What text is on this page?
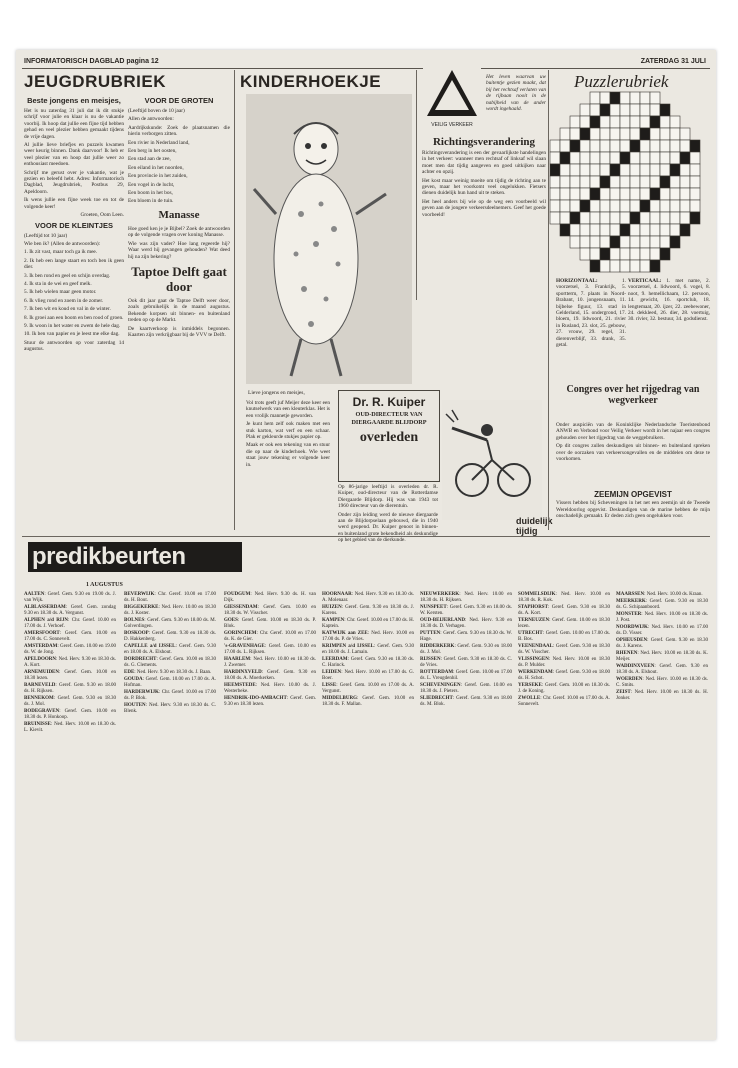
INFORMATORISCH DAGBLAD pagina 12	ZATERDAG 31 JULI
JEUGDRUBRIEK
Beste jongens en meisjes,
Het is nu zaterdag 31 juli dat ik dit stukje schrijf voor julie en klaar is nu de vakantie voorbij. Ik hoop dat jullie een fijne tijd hebben gehad en veel plezier hebben gemaakt tijdens de vrije dagen.
Al jullie lieve briefjes en puzzels kwamen weer keurig binnen. Dank daarvoor! Ik heb er veel plezier van en hoop dat jullie weer zo enthousiast meedoen.
Schrijf me gerust over je vakantie, wat je gezien en beleefd hebt. Adres: Informatorisch Dagblad, Jeugdrubriek, Postbus 29, Apeldoorn.
Ik wens jullie een fijne week toe en tot de volgende keer!
Groeten, Oom Leen.
VOOR DE KLEINTJES
(Leeftijd tot 10 jaar)
Wie ben ik? (Allen de antwoorden):
1. Ik zit vast, maar toch ga ik mee.
2. Ik heb een lange staart en toch ben ik geen dier.
3. Ik ben rond en geel en schijn overdag.
4. Ik sta in de wei en geef melk.
5. Ik heb wielen maar geen motor.
6. Ik vlieg rond en zoem in de zomer.
7. Ik ben wit en koud en val in de winter.
8. Ik groei aan een boom en ben rood of groen.
9. Ik woon in het water en zwem de hele dag.
10. Ik ben van papier en je leest me elke dag.
Stuur de antwoorden op voor zaterdag 14 augustus.
VOOR DE GROTEN
(Leeftijd boven de 10 jaar)
Allen de antwoorden:
Aardrijkskunde: Zoek de plaatsnamen die hierin verborgen zitten.
Een rivier in Nederland land,
Een berg in het oosten,
Een stad aan de zee,
Een eiland in het noorden,
Een provincie in het zuiden,
Een vogel in de lucht,
Een boom in het bos,
Een bloem in de tuin.
Manasse
Hoe goed ken je je Bijbel? Zoek de antwoorden op de volgende vragen over koning Manasse.
Wie was zijn vader? Hoe lang regeerde hij? Waar werd hij gevangen gehouden? Wat deed hij na zijn bekering?
Taptoe Delft gaat door
Ook dit jaar gaat de Taptoe Delft weer door, zoals gebruikelijk in de maand augustus. Bekende korpsen uit binnen- en buitenland treden op op de Markt.
De kaartverkoop is inmiddels begonnen. Kaarten zijn verkrijgbaar bij de VVV te Delft.
KINDERHOEKJE
Lieve jongens en meisjes,
Vol trots geeft juf Meijer deze keer een knutselwerk van een kleuterklas. Het is een vrolijk mannetje geworden.
Je kunt hem zelf ook maken met een stuk karton, wat verf en een schaar. Plak er gekleurde stukjes papier op.
Maak er ook een tekening van en stuur die op naar de kinderhoek. Wie weet staat jouw tekening er volgende keer in.
Dr. R. Kuiper
OUD-DIRECTEUR VAN DIERGAARDE BLIJDORP
overleden
Op 86-jarige leeftijd is overleden dr. R. Kuiper, oud-directeur van de Rotterdamse Diergaarde Blijdorp. Hij was van 1943 tot 1960 directeur van de dierentuin.
Onder zijn leiding werd de nieuwe diergaarde aan de Blijdorpselaan gebouwd, die in 1940 werd geopend. Dr. Kuiper genoot in binnen- en buitenland grote bekendheid als deskundige op het gebied van de dierkunde.
VEILIG VERKEER
Het leven waarvan uw buitentje gezien maakt, dat bij het rechtsaf verlaten van de rijbaan nooit in de nabijheid van de ander wordt ingehaald.
Richtingsverandering
Richtingsverandering is een der gevaarlijkste handelingen in het verkeer: wanneer men rechtsaf of linksaf wil slaan moet men dat tijdig aangeven en goed uitkijken naar achter en opzij.
Het kost maar weinig moeite om tijdig de richting aan te geven, maar het voorkomt veel ongelukken. Fietsers dienen duidelijk hun hand uit te steken.
Het heel anders bij wie op de weg een voorbeeld wil geven aan de jongere verkeersdeelnemers. Geef het goede voorbeeld!
duidelijk tijdig
HORIZONTAAL:	1. voorzetsel, 3. Frankrijk, 5. sportterm, 7. plaats in Noord-Brabant, 10. jongensnaam, 11. bijbelse figuur, 13. stad in Gelderland, 15. ondergrond, 17. bloem, 19. lidwoord, 21. rivier in Rusland, 23. slot, 25. gebouw, 27. vrouw, 29. regel, 31. dierenverblijf, 33. drank, 35. getal.
VERTICAAL: 1. met name, 2. voorzetsel, 4. lidwoord, 6. vogel, 8. noot, 9. hemellichaam, 12. persoon, 14. gewicht, 16. sportclub, 18. lengtemaat, 20. ijzer, 22. zeebewoner, 24. dekkleed, 26. dier, 28. voertuig, 30. rivier, 32. bestuur, 34. godsdienst.
Congres over het rijgedrag van wegverkeer
Onder auspiciën van de Koninklijke Nederlandsche Toeristenbond ANWB en Verbond voor Veilig Verkeer wordt in het najaar een congres gehouden over het rijgedrag van de weggebruikers.
Op dit congres zullen deskundigen uit binnen- en buitenland spreken over de oorzaken van verkeersongevallen en de middelen om deze te voorkomen.
ZEEMIJN OPGEVIST
Vissers hebben bij Scheveningen in het net een zeemijn uit de Tweede Wereldoorlog opgevist. Deskundigen van de marine hebben de mijn onschadelijk gemaakt. Er deden zich geen ongelukken voor.
Puzzlerubriek
predikbeurten
1 AUGUSTUS
AALTEN: Geref. Gem. 9.30 en 19.00 ds. J. van Wijk.
ALBLASSERDAM: Geref. Gem. zondag 9.30 en 18.30 ds. A. Vergunst.
ALPHEN a/d RIJN: Chr. Geref. 10.00 en 17.00 ds. J. Verhoef.
AMERSFOORT: Geref. Gem. 10.00 en 17.00 ds. C. Sonnevelt.
AMSTERDAM: Geref. Gem. 10.00 en 19.00 ds. W. de Jong.
APELDOORN: Ned. Herv. 9.30 en 18.30 ds. A. Kort.
ARNEMUIDEN: Geref. Gem. 10.00 en 18.30 lezen.
BARNEVELD: Geref. Gem. 9.30 en 18.00 ds. H. Rijksen.
BENNEKOM: Geref. Gem. 9.30 en 18.30 ds. J. Mol.
BODEGRAVEN: Geref. Gem. 10.00 en 18.30 ds. P. Honkoop.
BRUINISSE: Ned. Herv. 10.00 en 18.30 ds. L. Kievit.
BEVERWIJK: Chr. Geref. 10.00 en 17.00 ds. H. Bout.
BIGGEKERKE: Ned. Herv. 10.00 en 18.30 ds. J. Koster.
BOLNES: Geref. Gem. 9.30 en 18.00 ds. M. Golverdingen.
BOSKOOP: Geref. Gem. 9.30 en 18.30 ds. D. Hakkenberg.
CAPELLE a/d IJSSEL: Geref. Gem. 9.30 en 18.00 ds. A. Elshout.
DORDRECHT: Geref. Gem. 10.00 en 18.30 ds. G. Clements.
EDE: Ned. Herv. 9.30 en 18.30 ds. J. Baan.
GOUDA: Geref. Gem. 10.00 en 17.00 ds. A. Hofman.
HARDERWIJK: Chr. Geref. 10.00 en 17.00 ds. P. Blok.
HOUTEN: Ned. Herv. 9.30 en 18.30 ds. C. Blenk.
FOUDGUM: Ned. Herv. 9.30 ds. H. van Dijk.
GIESSENDAM: Geref. Gem. 10.00 en 18.30 ds. W. Visscher.
GOES: Geref. Gem. 10.00 en 18.30 ds. P. Blok.
GORINCHEM: Chr. Geref. 10.00 en 17.00 ds. K. de Gier.
's-GRAVENHAGE: Geref. Gem. 10.00 en 17.00 ds. L. Rijksen.
HAARLEM: Ned. Herv. 10.00 en 18.30 ds. J. Zwemer.
HARDINXVELD: Geref. Gem. 9.30 en 18.00 ds. A. Moerkerken.
HEEMSTEDE: Ned. Herv. 10.00 ds. J. Westerbeke.
HENDRIK-IDO-AMBACHT: Geref. Gem. 9.30 en 18.30 lezen.
HOORNAAR: Ned. Herv. 9.30 en 18.30 ds. A. Molenaar.
HUIZEN: Geref. Gem. 9.30 en 18.30 ds. J. Karens.
KAMPEN: Chr. Geref. 10.00 en 17.00 ds. H. Kaptein.
KATWIJK aan ZEE: Ned. Herv. 10.00 en 17.00 ds. P. de Vries.
KRIMPEN a/d IJSSEL: Geref. Gem. 9.30 en 18.00 ds. J. Lamain.
LEERDAM: Geref. Gem. 9.30 en 18.30 ds. C. Harinck.
LEIDEN: Ned. Herv. 10.00 en 17.00 ds. G. Boer.
LISSE: Geref. Gem. 10.00 en 17.00 ds. A. Vergunst.
MIDDELBURG: Geref. Gem. 10.00 en 18.30 ds. F. Mallan.
NIEUWERKERK: Ned. Herv. 10.00 en 18.30 ds. H. Rijksen.
NUNSPEET: Geref. Gem. 9.30 en 18.00 ds. W. Kersten.
OUD-BEIJERLAND: Ned. Herv. 9.30 en 18.30 ds. D. Verhagen.
PUTTEN: Geref. Gem. 9.30 en 18.30 ds. W. Hage.
RIDDERKERK: Geref. Gem. 9.30 en 18.00 ds. J. Mol.
RIJSSEN: Geref. Gem. 9.30 en 18.30 ds. C. de Vries.
ROTTERDAM: Geref. Gem. 10.00 en 17.00 ds. L. Vreugdenhil.
SCHEVENINGEN: Geref. Gem. 10.00 en 18.30 ds. J. Pieters.
SLIEDRECHT: Geref. Gem. 9.30 en 18.00 ds. M. Blok.
SOMMELSDIJK: Ned. Herv. 10.00 en 18.30 ds. R. Kok.
STAPHORST: Geref. Gem. 9.30 en 18.30 ds. A. Kort.
TERNEUZEN: Geref. Gem. 10.00 en 18.30 lezen.
UTRECHT: Geref. Gem. 10.00 en 17.00 ds. B. Bos.
VEENENDAAL: Geref. Gem. 9.30 en 18.30 ds. W. Visscher.
VLISSINGEN: Ned. Herv. 10.00 en 18.30 ds. P. Mulder.
WERKENDAM: Geref. Gem. 9.30 en 18.00 ds. H. Schot.
YERSEKE: Geref. Gem. 10.00 en 18.30 ds. J. de Koning.
ZWOLLE: Chr. Geref. 10.00 en 17.00 ds. A. Sonnevelt.
MAARSSEN: Ned. Herv. 10.00 ds. Kraan.
MEERKERK: Geref. Gem. 9.30 en 18.30 ds. G. Schipaanboord.
MONSTER: Ned. Herv. 10.00 en 18.30 ds. J. Post.
NOORDWIJK: Ned. Herv. 10.00 en 17.00 ds. D. Visser.
OPHEUSDEN: Geref. Gem. 9.30 en 18.30 ds. J. Karens.
RHENEN: Ned. Herv. 10.00 en 18.30 ds. K. Meijer.
WADDINXVEEN: Geref. Gem. 9.30 en 18.30 ds. A. Elshout.
WOERDEN: Ned. Herv. 10.00 en 18.30 ds. C. Smits.
ZEIST: Ned. Herv. 10.00 en 18.30 ds. H. Jonker.
